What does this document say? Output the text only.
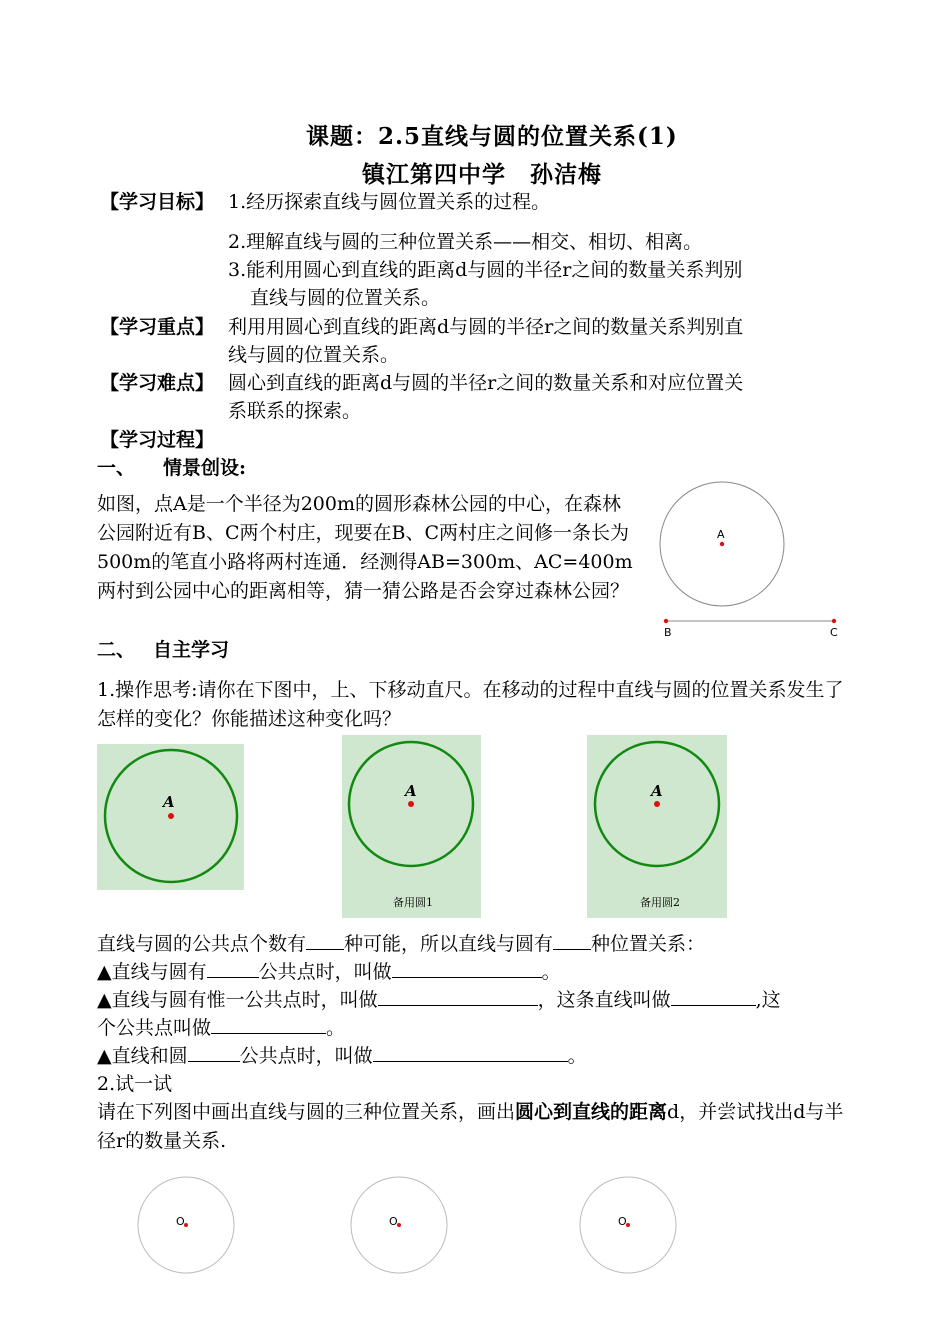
课题：2.5直线与圆的位置关系(1)
镇江第四中学　孙洁梅
【学习目标】 1.经历探索直线与圆位置关系的过程。
2.理解直线与圆的三种位置关系——相交、相切、相离。
3.能利用圆心到直线的距离d与圆的半径r之间的数量关系判别
直线与圆的位置关系。
【学习重点】 利用用圆心到直线的距离d与圆的半径r之间的数量关系判别直
线与圆的位置关系。
【学习难点】 圆心到直线的距离d与圆的半径r之间的数量关系和对应位置关
系联系的探索。
【学习过程】
一、 情景创设:
如图，点A是一个半径为200m的圆形森林公园的中心，在森林公园附近有B、C两个村庄，现要在B、C两村庄之间修一条长为500m的笔直小路将两村连通．经测得AB=300m、AC=400m两村到公园中心的距离相等，猜一猜公路是否会穿过森林公园？
A
B	C
二、 自主学习
1.操作思考:请你在下图中，上、下移动直尺。在移动的过程中直线与圆的位置关系发生了怎样的变化？你能描述这种变化吗？
A
A
备用圆1
A
备用圆2
直线与圆的公共点个数有 种可能，所以直线与圆有 种位置关系：
▲直线与圆有	公共点时，叫做	。
▲直线与圆有惟一公共点时，叫做	，这条直线叫做	,这
个公共点叫做	。
▲直线和圆	公共点时，叫做	。
2.试一试
请在下列图中画出直线与圆的三种位置关系，画出圆心到直线的距离d，并尝试找出d与半径r的数量关系.
O	O	O
